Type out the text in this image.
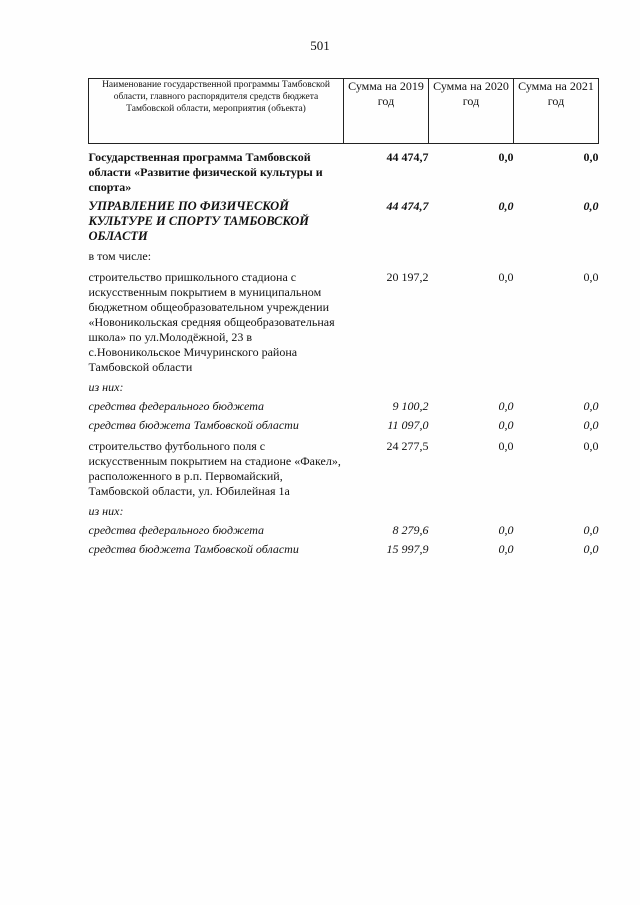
501
Наименование государственной программы Тамбовской области, главного распорядителя средств бюджета Тамбовской области, мероприятия (объекта)	Сумма на 2019 год	Сумма на 2020 год	Сумма на 2021 год
Государственная программа Тамбовской области «Развитие физической культуры и спорта»	44 474,7	0,0	0,0
УПРАВЛЕНИЕ ПО ФИЗИЧЕСКОЙ КУЛЬТУРЕ И СПОРТУ ТАМБОВСКОЙ ОБЛАСТИ	44 474,7	0,0	0,0
в том числе:			
строительство пришкольного стадиона с искусственным покрытием в муниципальном бюджетном общеобразовательном учреждении «Новоникольская средняя общеобразовательная школа» по ул.Молодёжной, 23 в с.Новоникольское Мичуринского района Тамбовской области	20 197,2	0,0	0,0
из них:			
средства федерального бюджета	9 100,2	0,0	0,0
средства бюджета Тамбовской области	11 097,0	0,0	0,0
строительство футбольного поля с искусственным покрытием на стадионе «Факел», расположенного в р.п. Первомайский, Тамбовской области, ул. Юбилейная 1а	24 277,5	0,0	0,0
из них:			
средства федерального бюджета	8 279,6	0,0	0,0
средства бюджета Тамбовской области	15 997,9	0,0	0,0
